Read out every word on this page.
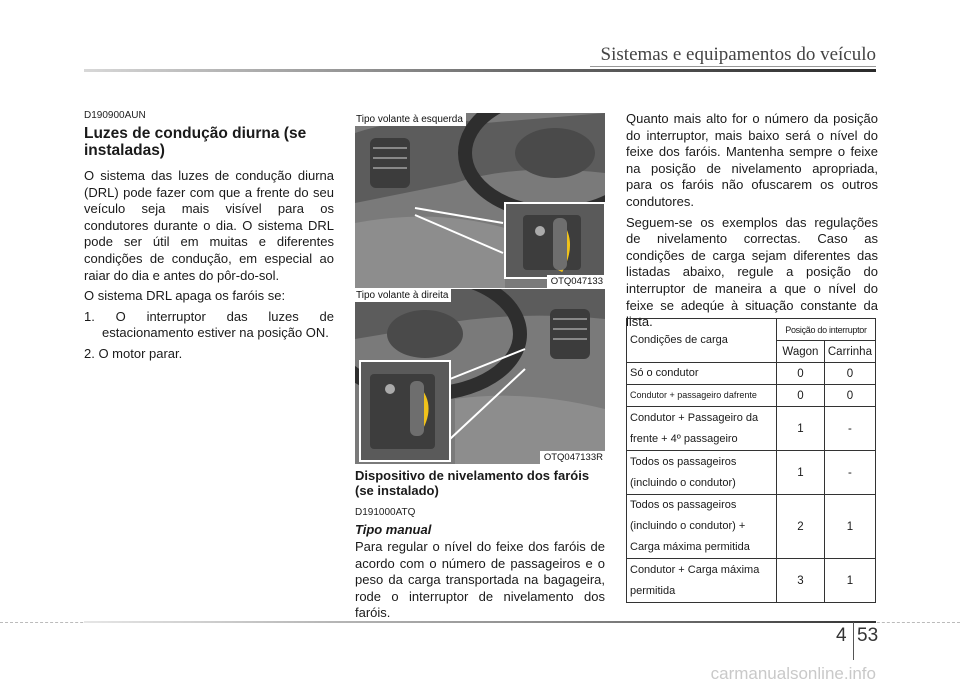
Sistemas e equipamentos do veículo
D190900AUN
Luzes de condução diurna (se instaladas)
O sistema das luzes de condução diurna (DRL) pode fazer com que a frente do seu veículo seja mais visível para os condutores durante o dia. O sistema DRL pode ser útil em muitas e diferentes condições de condução, em especial ao raiar do dia e antes do pôr-do-sol.
O sistema DRL apaga os faróis se:
1. O interruptor das luzes de estacionamento estiver na posição ON.
2. O motor parar.
Tipo volante à esquerda
OTQ047133
Tipo volante à direita
OTQ047133R
Dispositivo de nivelamento dos faróis (se instalado)
D191000ATQ
Tipo manual
Para regular o nível do feixe dos faróis de acordo com o número de passageiros e o peso da carga transportada na bagageira, rode o interruptor de nivelamento dos faróis.
Quanto mais alto for o número da posição do interruptor, mais baixo será o nível do feixe dos faróis. Mantenha sempre o feixe na posição de nivelamento apropriada, para os faróis não ofuscarem os outros condutores.
Seguem-se os exemplos das regulações de nivelamento correctas. Caso as condições de carga sejam diferentes das listadas abaixo, regule a posição do interruptor de maneira a que o nível do feixe se adeqúe à situação constante da lista.
Condições de carga	Posição do interruptor	
	Wagon	Carrinha
Só o condutor	0	0
Condutor + passageiro dafrente	0	0

Condutor + Passageiro da
frente + 4º passageiro	1	-

Todos os passageiros
(incluindo o condutor)	1	-

Todos os passageiros
(incluindo o condutor) +
Carga máxima permitida	2	1

Condutor + Carga máxima
permitida	3	1
4 53
carmanualsonline.info
